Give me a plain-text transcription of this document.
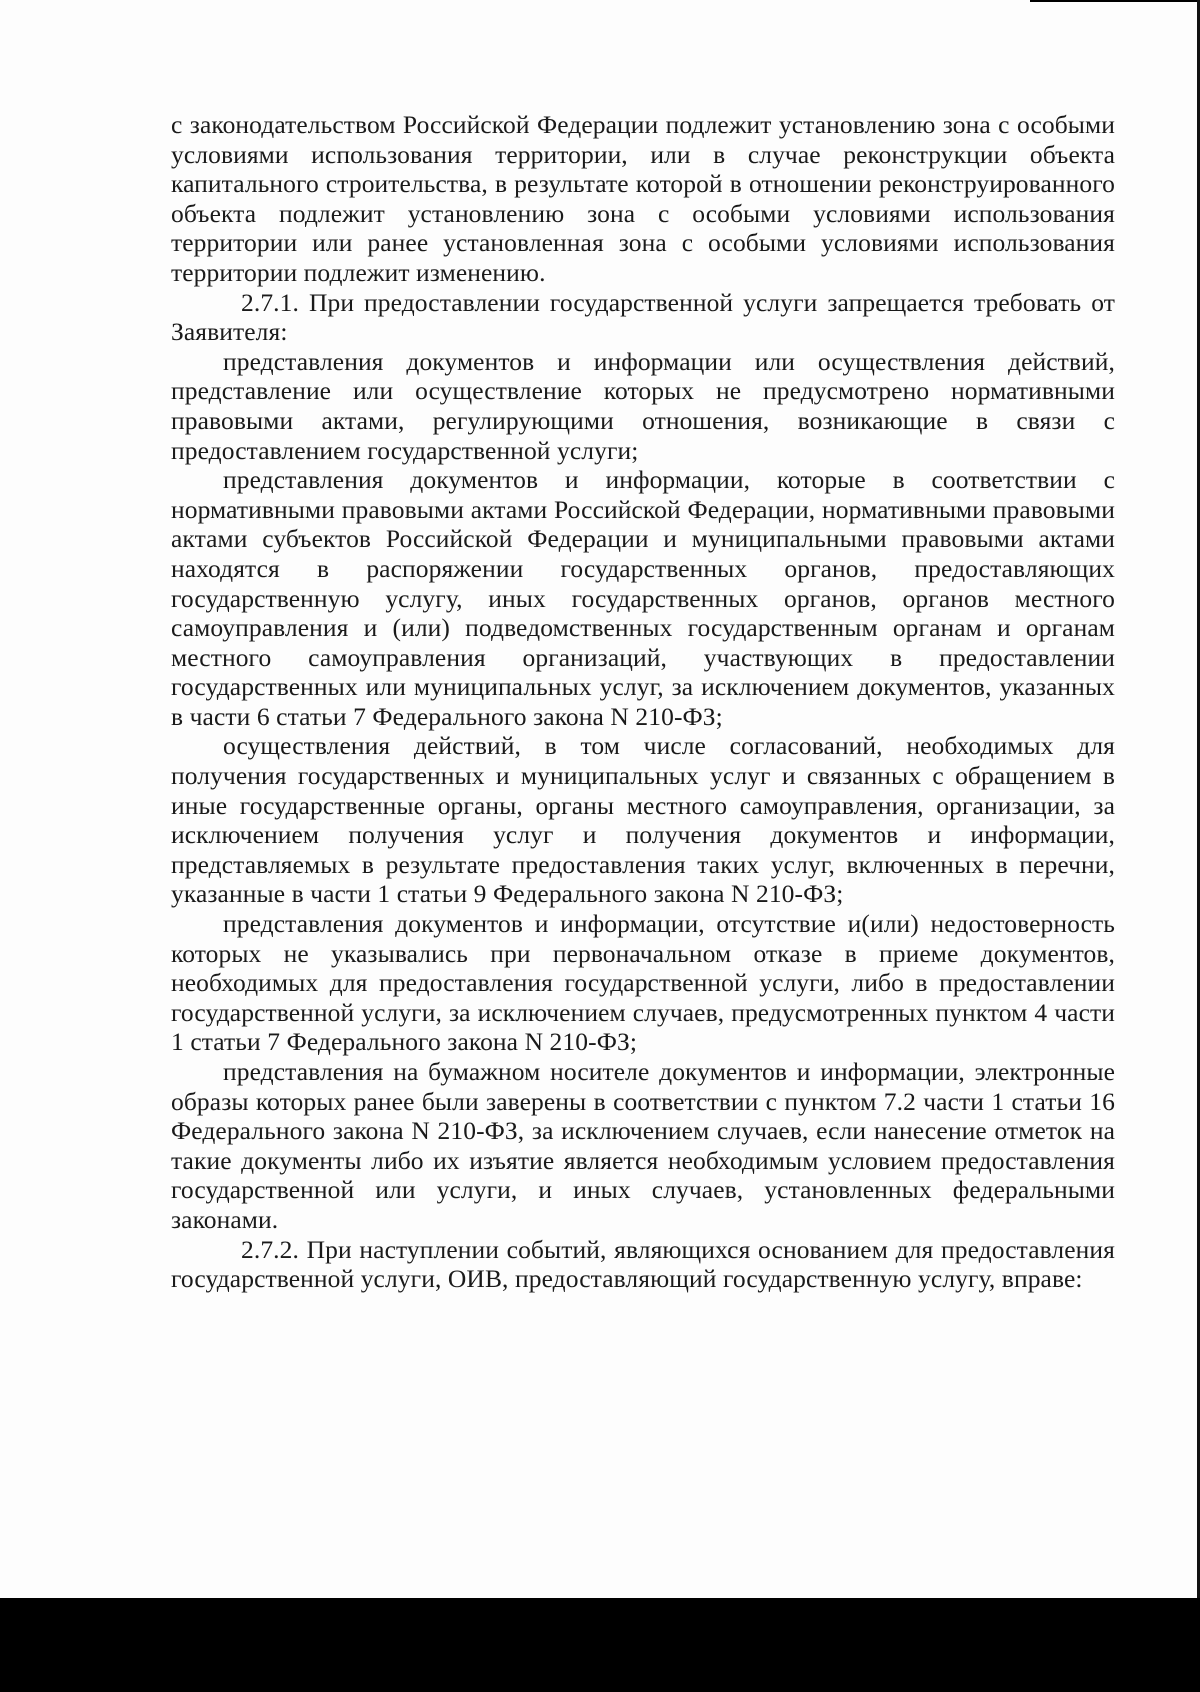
с законодательством Российской Федерации подлежит установлению зона с особыми условиями использования территории, или в случае реконструкции объекта капитального строительства, в результате которой в отношении реконструированного объекта подлежит установлению зона с особыми условиями использования территории или ранее установленная зона с особыми условиями использования территории подлежит изменению.

2.7.1. При предоставлении государственной услуги запрещается требовать от Заявителя:

представления документов и информации или осуществления действий, представление или осуществление которых не предусмотрено нормативными правовыми актами, регулирующими отношения, возникающие в связи с предоставлением государственной услуги;

представления документов и информации, которые в соответствии с нормативными правовыми актами Российской Федерации, нормативными правовыми актами субъектов Российской Федерации и муниципальными правовыми актами находятся в распоряжении государственных органов, предоставляющих государственную услугу, иных государственных органов, органов местного самоуправления и (или) подведомственных государственным органам и органам местного самоуправления организаций, участвующих в предоставлении государственных или муниципальных услуг, за исключением документов, указанных в части 6 статьи 7 Федерального закона N 210-ФЗ;

осуществления действий, в том числе согласований, необходимых для получения государственных и муниципальных услуг и связанных с обращением в иные государственные органы, органы местного самоуправления, организации, за исключением получения услуг и получения документов и информации, представляемых в результате предоставления таких услуг, включенных в перечни, указанные в части 1 статьи 9 Федерального закона N 210-ФЗ;

представления документов и информации, отсутствие и(или) недостоверность которых не указывались при первоначальном отказе в приеме документов, необходимых для предоставления государственной услуги, либо в предоставлении государственной услуги, за исключением случаев, предусмотренных пунктом 4 части 1 статьи 7 Федерального закона N 210-ФЗ;

представления на бумажном носителе документов и информации, электронные образы которых ранее были заверены в соответствии с пунктом 7.2 части 1 статьи 16 Федерального закона N 210-ФЗ, за исключением случаев, если нанесение отметок на такие документы либо их изъятие является необходимым условием предоставления государственной или услуги, и иных случаев, установленных федеральными законами.

2.7.2. При наступлении событий, являющихся основанием для предоставления государственной услуги, ОИВ, предоставляющий государственную услугу, вправе:
